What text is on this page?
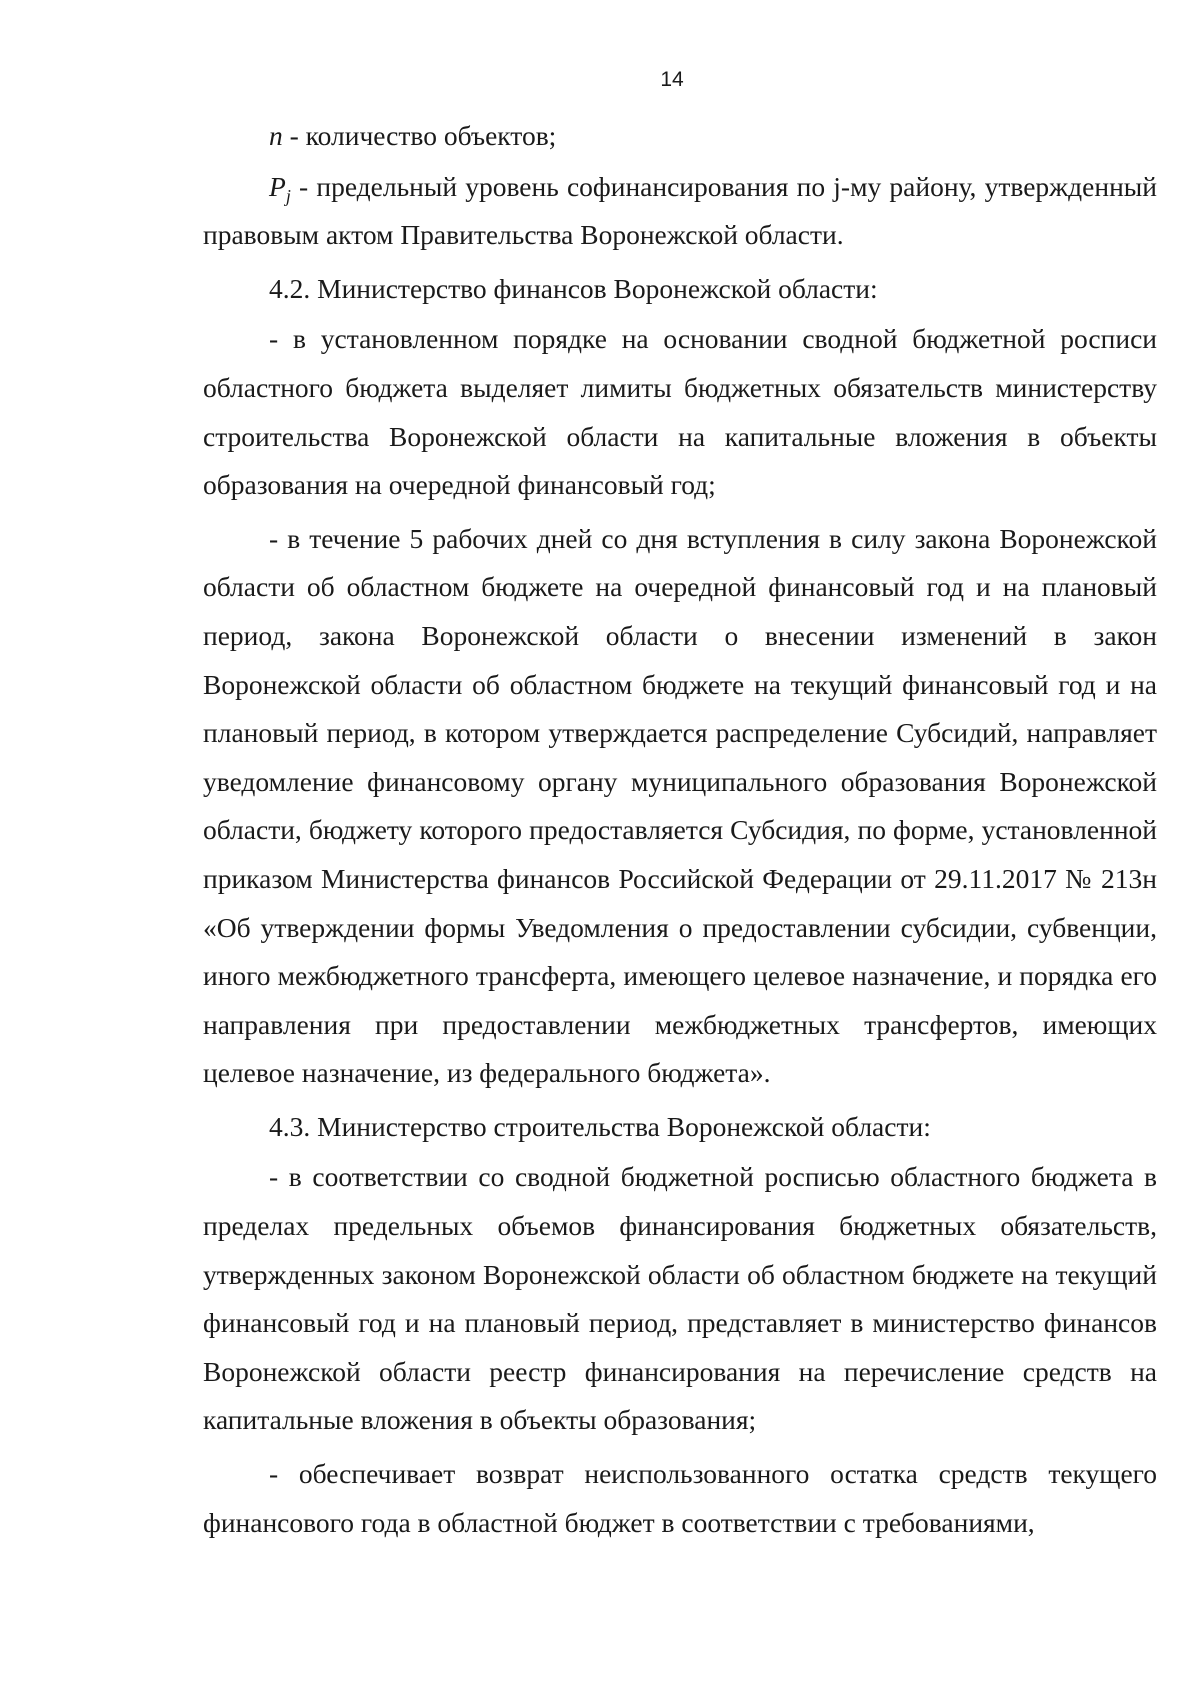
14

n - количество объектов;

$P_j$ - предельный уровень софинансирования по j-му району, утвержденный правовым актом Правительства Воронежской области.

4.2. Министерство финансов Воронежской области:

- в установленном порядке на основании сводной бюджетной росписи областного бюджета выделяет лимиты бюджетных обязательств министерству строительства Воронежской области на капитальные вложения в объекты образования на очередной финансовый год;

- в течение 5 рабочих дней со дня вступления в силу закона Воронежской области об областном бюджете на очередной финансовый год и на плановый период, закона Воронежской области о внесении изменений в закон Воронежской области об областном бюджете на текущий финансовый год и на плановый период, в котором утверждается распределение Субсидий, направляет уведомление финансовому органу муниципального образования Воронежской области, бюджету которого предоставляется Субсидия, по форме, установленной приказом Министерства финансов Российской Федерации от 29.11.2017 № 213н «Об утверждении формы Уведомления о предоставлении субсидии, субвенции, иного межбюджетного трансферта, имеющего целевое назначение, и порядка его направления при предоставлении межбюджетных трансфертов, имеющих целевое назначение, из федерального бюджета».

4.3. Министерство строительства Воронежской области:

- в соответствии со сводной бюджетной росписью областного бюджета в пределах предельных объемов финансирования бюджетных обязательств, утвержденных законом Воронежской области об областном бюджете на текущий финансовый год и на плановый период, представляет в министерство финансов Воронежской области реестр финансирования на перечисление средств на капитальные вложения в объекты образования;

- обеспечивает возврат неиспользованного остатка средств текущего финансового года в областной бюджет в соответствии с требованиями,
